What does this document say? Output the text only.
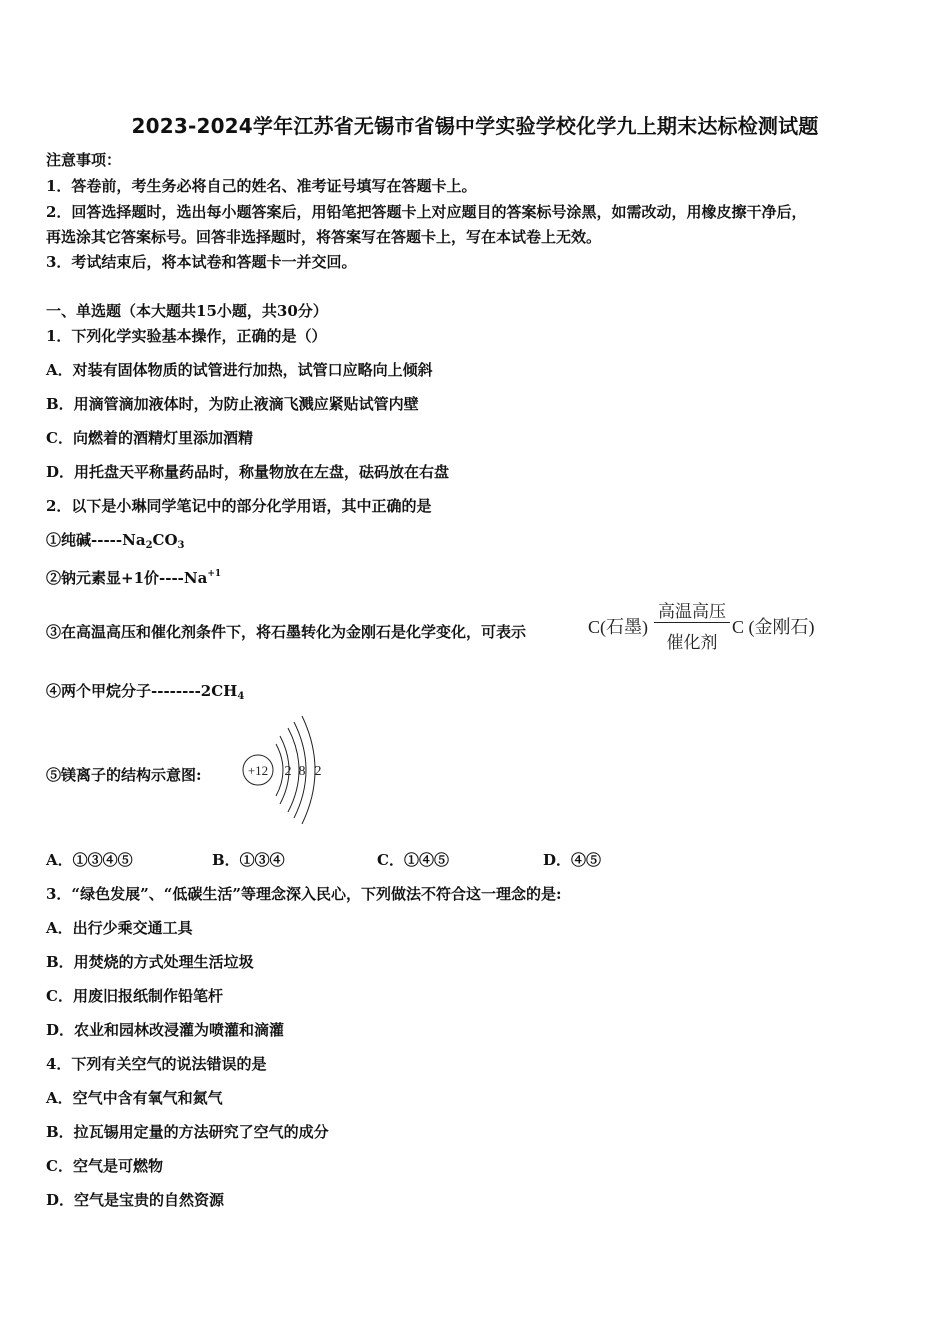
2023-2024学年江苏省无锡市省锡中学实验学校化学九上期末达标检测试题
注意事项：
1．答卷前，考生务必将自己的姓名、准考证号填写在答题卡上。
2．回答选择题时，选出每小题答案后，用铅笔把答题卡上对应题目的答案标号涂黑，如需改动，用橡皮擦干净后，
再选涂其它答案标号。回答非选择题时，将答案写在答题卡上，写在本试卷上无效。
3．考试结束后，将本试卷和答题卡一并交回。
一、单选题（本大题共15小题，共30分）
1．下列化学实验基本操作，正确的是（）
A．对装有固体物质的试管进行加热，试管口应略向上倾斜
B．用滴管滴加液体时，为防止液滴飞溅应紧贴试管内壁
C．向燃着的酒精灯里添加酒精
D．用托盘天平称量药品时，称量物放在左盘，砝码放在右盘
2．以下是小琳同学笔记中的部分化学用语，其中正确的是
①纯碱$-----Na_2CO_3$
②钠元素显+1价$----Na^{+1}$
③在高温高压和催化剂条件下，将石墨转化为金刚石是化学变化，可表示	C(石墨)
高温高压
催化剂
C (金刚石)
④两个甲烷分子$--------2CH_4$
⑤镁离子的结构示意图:	+12 2 8 2
A．①③④⑤	B．①③④	C．①④⑤	D．④⑤
3．“绿色发展”、“低碳生活”等理念深入民心，下列做法不符合这一理念的是:
A．出行少乘交通工具
B．用焚烧的方式处理生活垃圾
C．用废旧报纸制作铅笔杆
D．农业和园林改浸灌为喷灌和滴灌
4．下列有关空气的说法错误的是
A．空气中含有氧气和氮气
B．拉瓦锡用定量的方法研究了空气的成分
C．空气是可燃物
D．空气是宝贵的自然资源
